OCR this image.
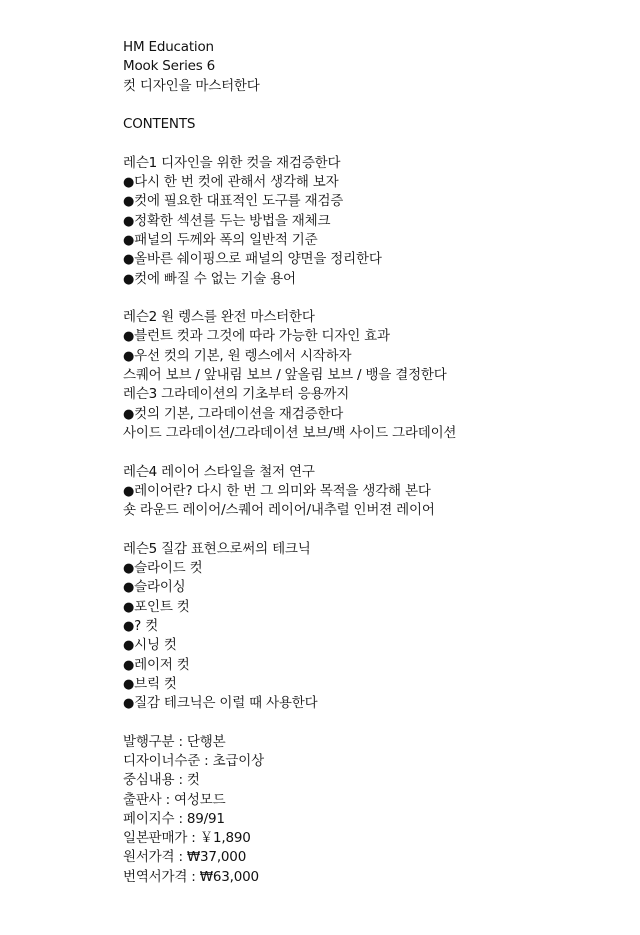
HM Education
Mook Series 6
컷 디자인을 마스터한다
CONTENTS
레슨1 디자인을 위한 컷을 재검증한다
● 다시 한 번 컷에 관해서 생각해 보자
● 컷에 필요한 대표적인 도구를 재검증
● 정확한 섹션를 두는 방법을 재체크
● 패널의 두께와 폭의 일반적 기준
● 올바른 쉐이핑으로 패널의 양면을 정리한다
● 컷에 빠질 수 없는 기술 용어
레슨2 원 렝스를 완전 마스터한다
● 블런트 컷과 그것에 따라 가능한 디자인 효과
● 우선 컷의 기본, 원 렝스에서 시작하자
스퀘어 보브 / 앞내림 보브 / 앞올림 보브 / 뱅을 결정한다
레슨3 그라데이션의 기초부터 응용까지
● 컷의 기본, 그라데이션을 재검증한다
사이드 그라데이션/그라데이션 보브/백 사이드 그라데이션
레슨4 레이어 스타일을 철저 연구
● 레이어란? 다시 한 번 그 의미와 목적을 생각해 본다
숏 라운드 레이어/스퀘어 레이어/내추럴 인버젼 레이어
레슨5 질감 표현으로써의 테크닉
● 슬라이드 컷
● 슬라이싱
● 포인트 컷
● ? 컷
● 시닝 컷
● 레이저 컷
● 브릭 컷
● 질감 테크닉은 이럴 때 사용한다
발행구분 : 단행본
디자이너수준 : 초급이상
중심내용 : 컷
출판사 : 여성모드
페이지수 : 89/91
일본판매가 : ￥1,890
원서가격 : ₩37,000
번역서가격 : ₩63,000
